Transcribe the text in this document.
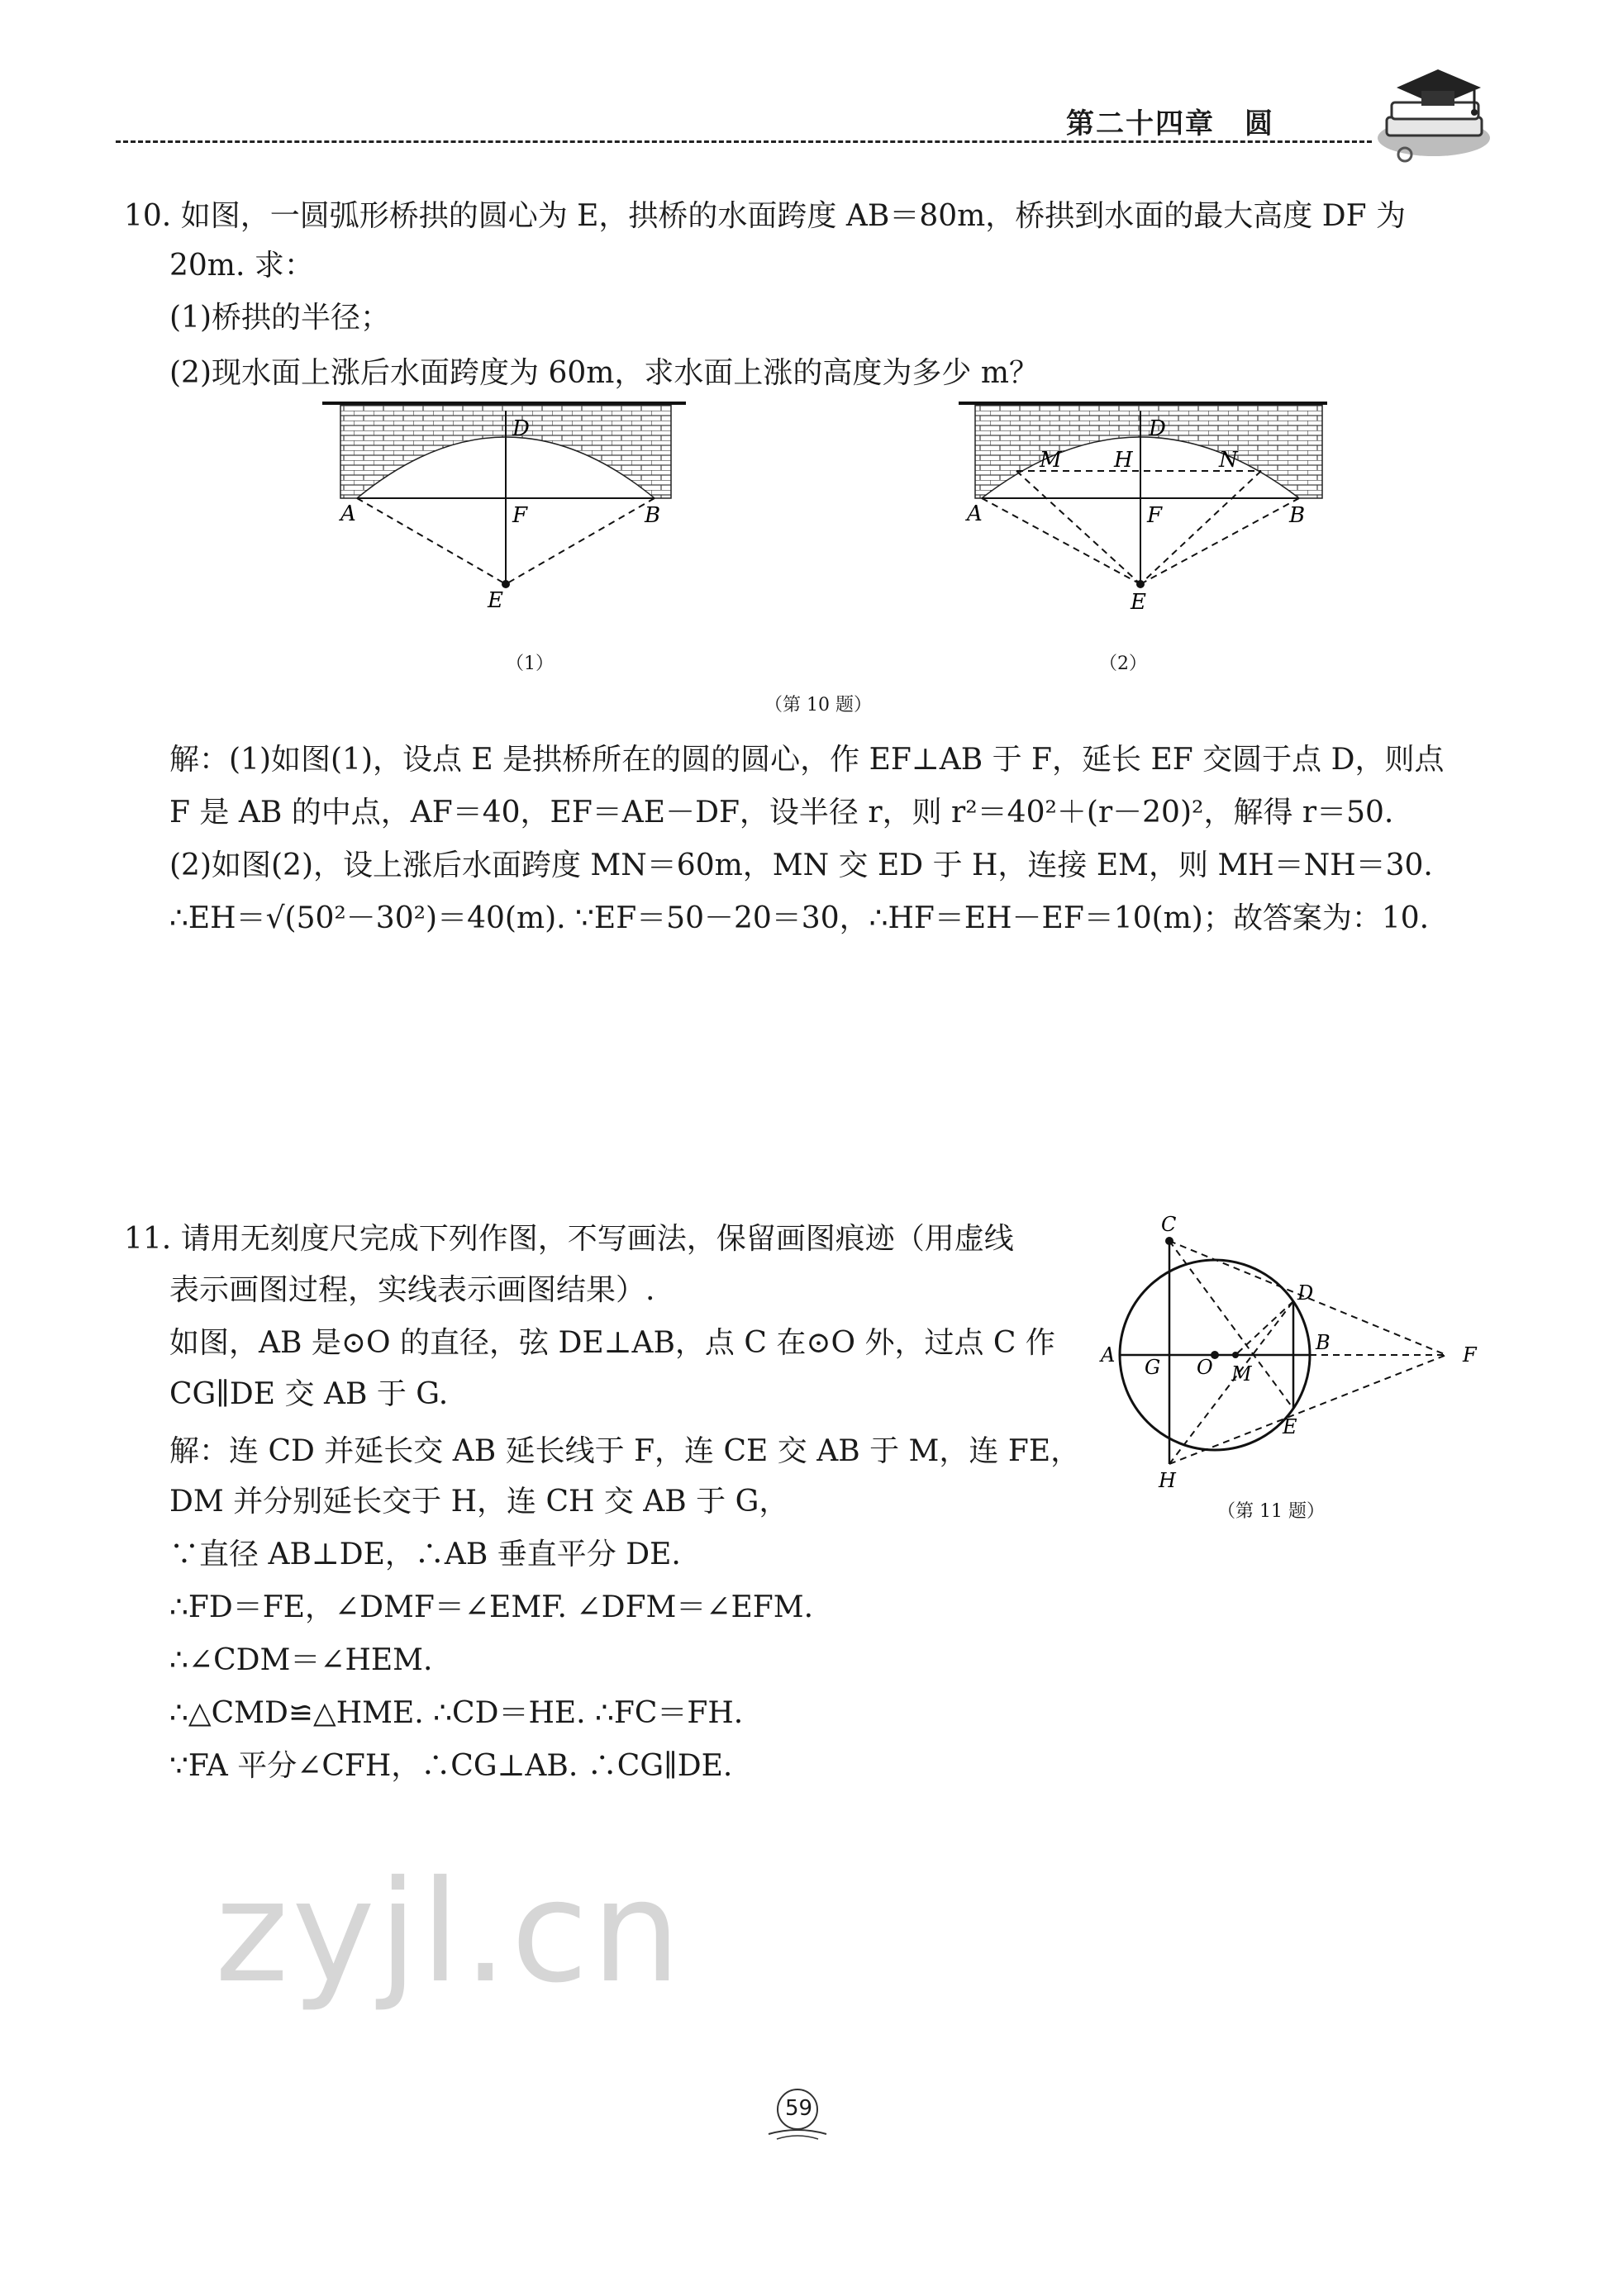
第二十四章　圆
10. 如图，一圆弧形桥拱的圆心为 E，拱桥的水面跨度 AB＝80m，桥拱到水面的最大高度 DF 为
20m. 求：
(1)桥拱的半径；
(2)现水面上涨后水面跨度为 60m，求水面上涨的高度为多少 m？
D
A	F	B
E
（1）
D
M H	N
A	F	B
E
（2）
（第 10 题）
解：(1)如图(1)，设点 E 是拱桥所在的圆的圆心，作 EF⊥AB 于 F，延长 EF 交圆于点 D，则点
F 是 AB 的中点，AF＝40，EF＝AE－DF，设半径 r，则 r²＝40²＋(r－20)²，解得 r＝50.
(2)如图(2)，设上涨后水面跨度 MN＝60m，MN 交 ED 于 H，连接 EM，则 MH＝NH＝30.
∴EH＝√(50²－30²)＝40(m). ∵EF＝50－20＝30，∴HF＝EH－EF＝10(m)；故答案为：10.
11. 请用无刻度尺完成下列作图，不写画法，保留画图痕迹（用虚线
表示画图过程，实线表示画图结果）.
如图，AB 是⊙O 的直径，弦 DE⊥AB，点 C 在⊙O 外，过点 C 作
CG∥DE 交 AB 于 G.
C
D
A
G O M
B
F
E
H
（第 11 题）
解：连 CD 并延长交 AB 延长线于 F，连 CE 交 AB 于 M，连 FE，
DM 并分别延长交于 H，连 CH 交 AB 于 G，
∵直径 AB⊥DE，∴AB 垂直平分 DE.
∴FD＝FE，∠DMF＝∠EMF. ∠DFM＝∠EFM.
∴∠CDM＝∠HEM.
∴△CMD≌△HME. ∴CD＝HE. ∴FC＝FH.
∵FA 平分∠CFH，∴CG⊥AB. ∴CG∥DE.
zyjl.cn
59
